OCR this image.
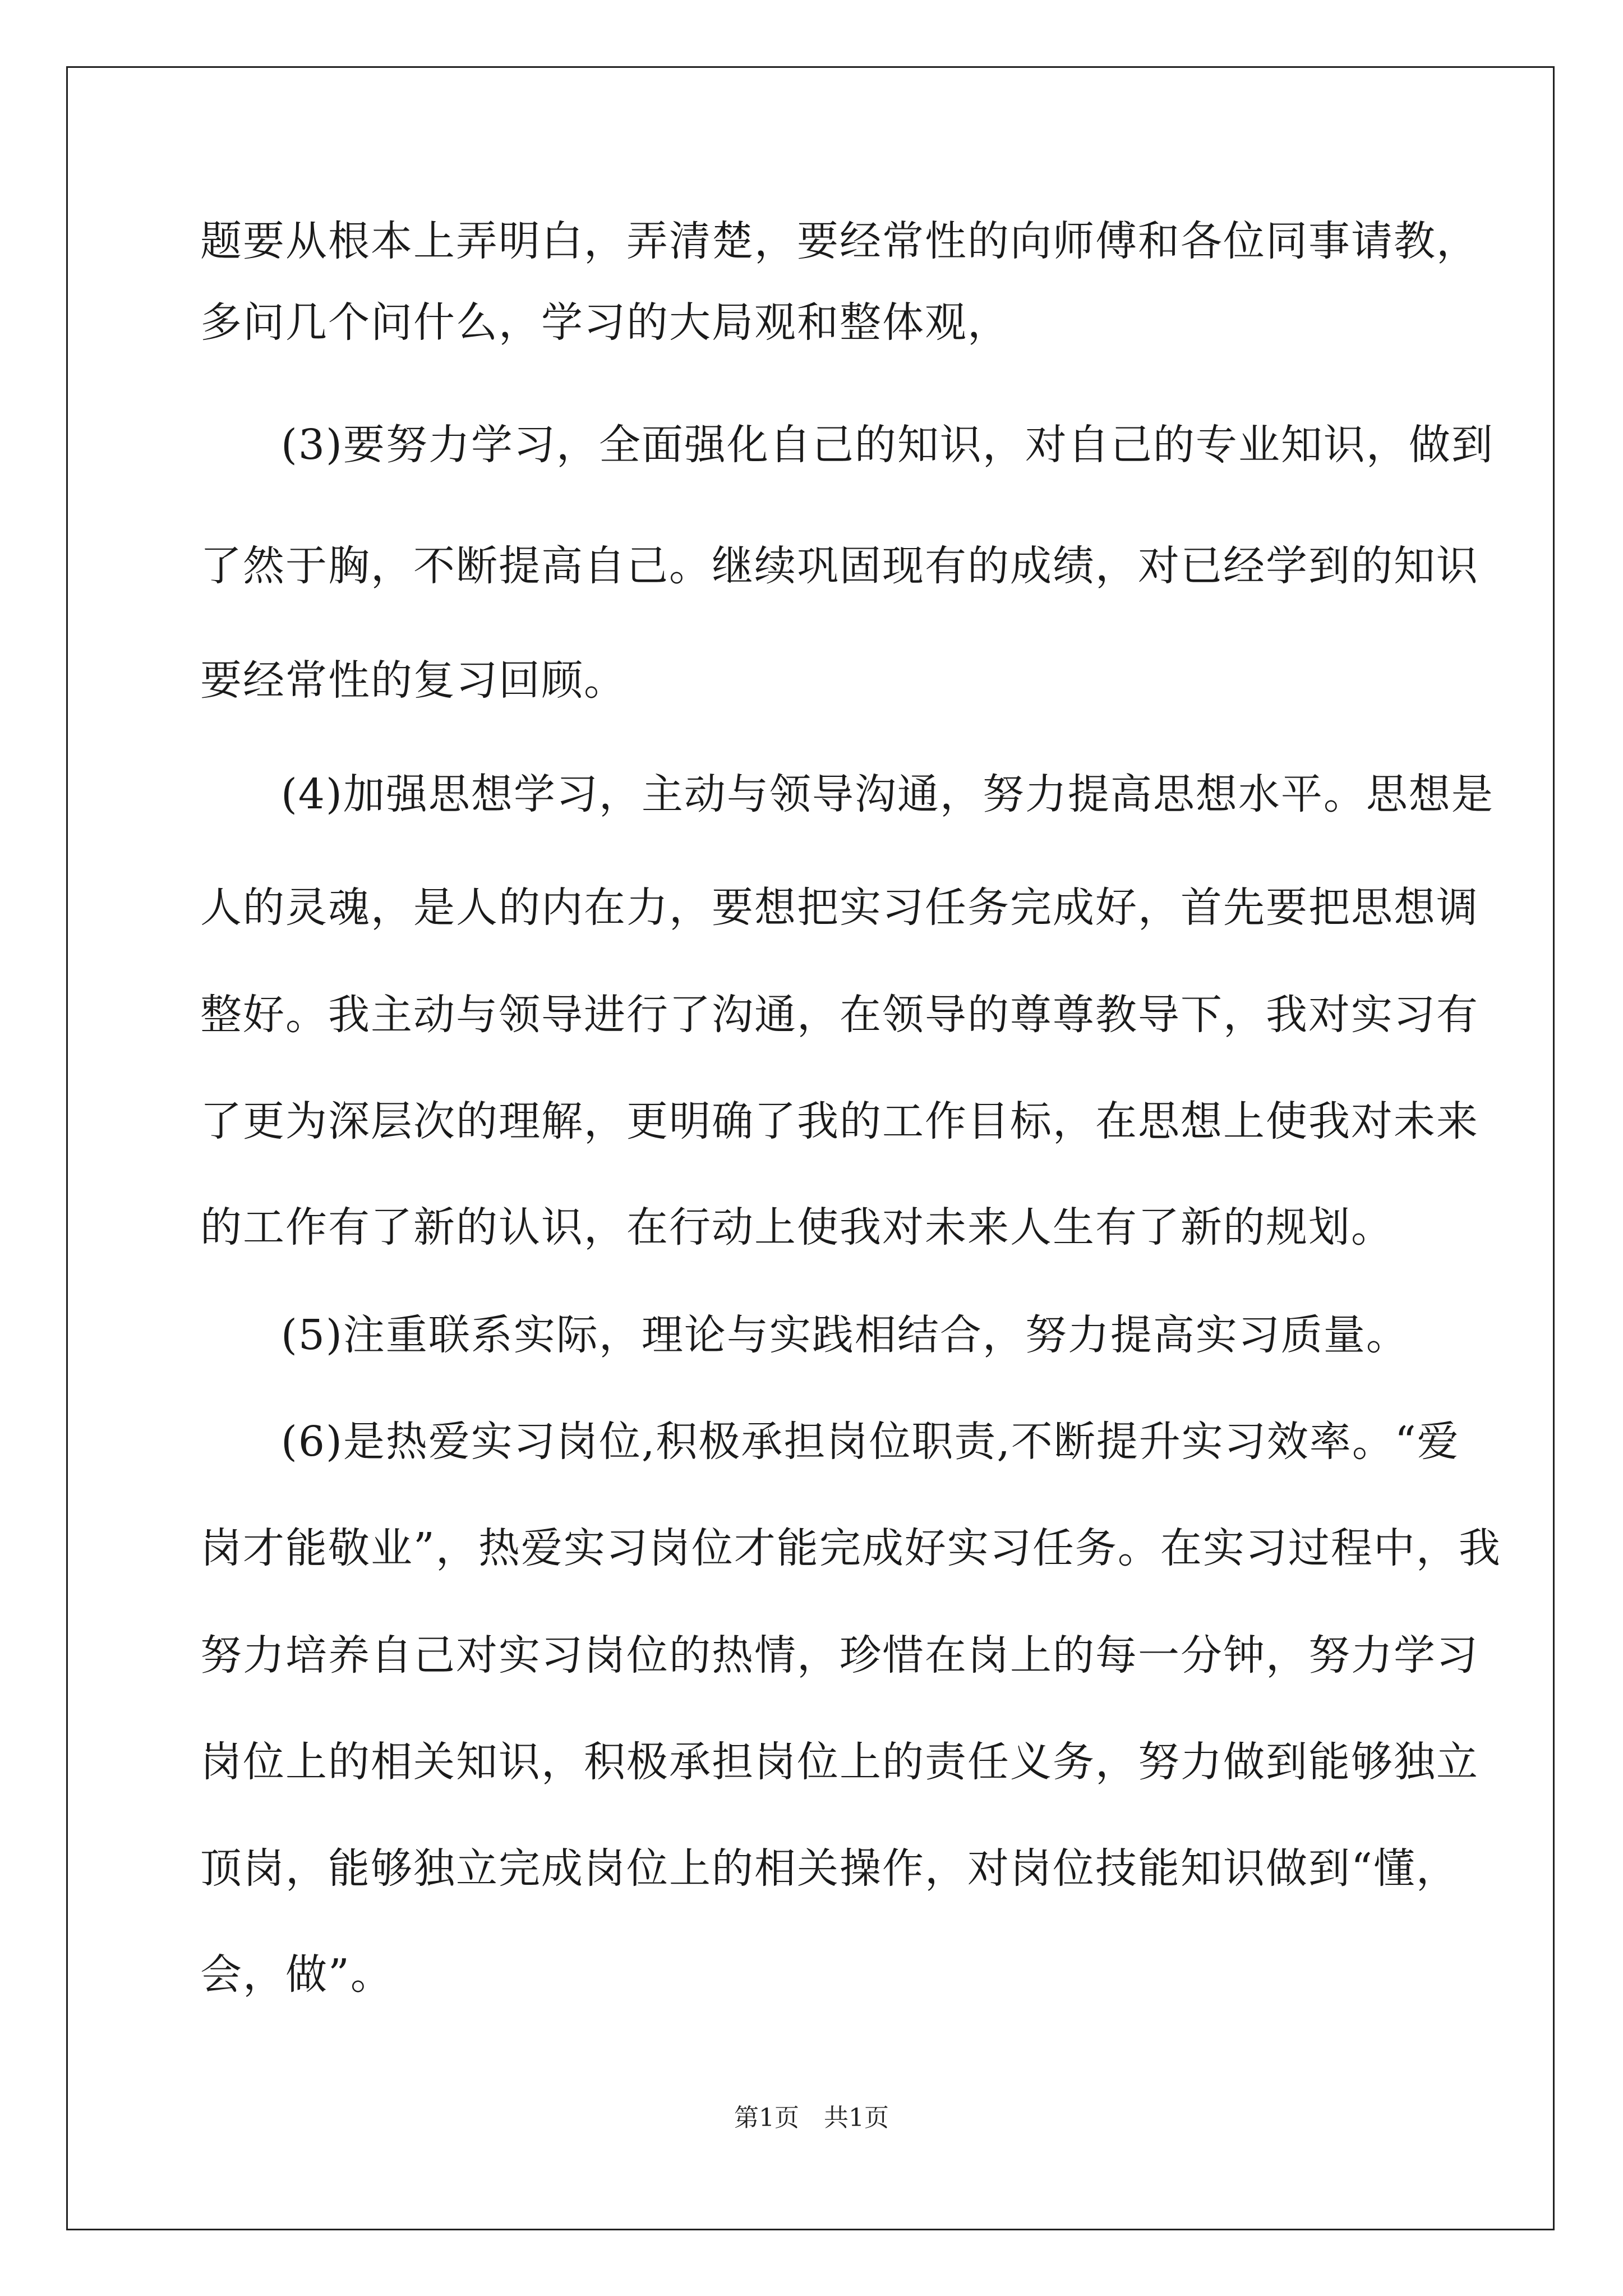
题要从根本上弄明白，弄清楚，要经常性的向师傅和各位同事请教，
多问几个问什么，学习的大局观和整体观，
(3)要努力学习，全面强化自己的知识，对自己的专业知识，做到
了然于胸，不断提高自己。继续巩固现有的成绩，对已经学到的知识
要经常性的复习回顾。
(4)加强思想学习，主动与领导沟通，努力提高思想水平。思想是
人的灵魂，是人的内在力，要想把实习任务完成好，首先要把思想调
整好。我主动与领导进行了沟通，在领导的尊尊教导下，我对实习有
了更为深层次的理解，更明确了我的工作目标，在思想上使我对未来
的工作有了新的认识，在行动上使我对未来人生有了新的规划。
(5)注重联系实际，理论与实践相结合，努力提高实习质量。
(6)是热爱实习岗位,积极承担岗位职责,不断提升实习效率。“爱
岗才能敬业”，热爱实习岗位才能完成好实习任务。在实习过程中，我
努力培养自己对实习岗位的热情，珍惜在岗上的每一分钟，努力学习
岗位上的相关知识，积极承担岗位上的责任义务，努力做到能够独立
顶岗，能够独立完成岗位上的相关操作，对岗位技能知识做到“懂，
会，做”。
第1页 共1页
